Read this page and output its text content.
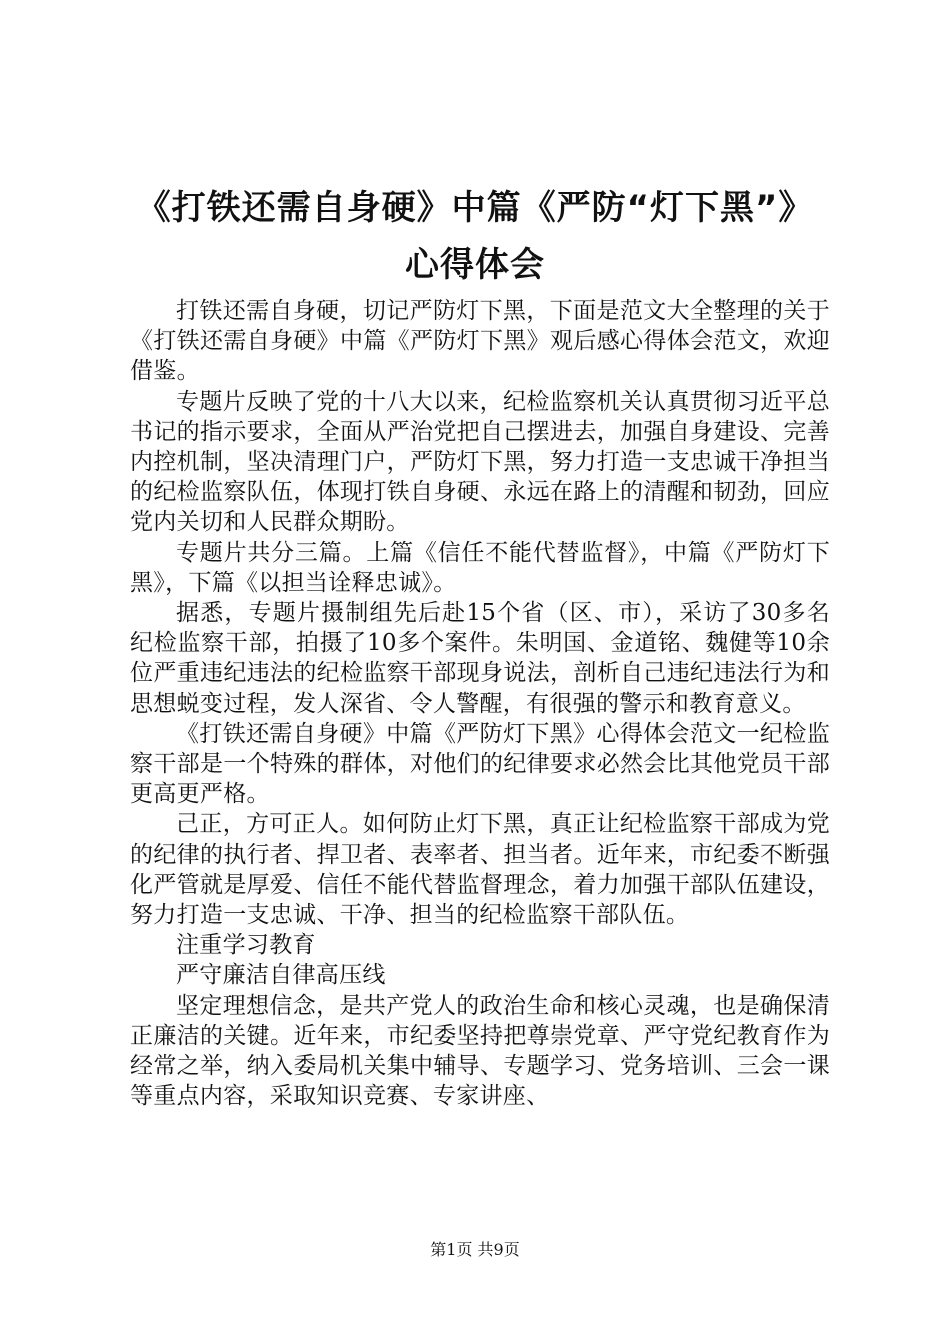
《打铁还需自身硬》中篇《严防“灯下黑”》
心得体会

打铁还需自身硬，切记严防灯下黑，下面是范文大全整理的关于《打铁还需自身硬》中篇《严防灯下黑》观后感心得体会范文，欢迎借鉴。

专题片反映了党的十八大以来，纪检监察机关认真贯彻习近平总书记的指示要求，全面从严治党把自己摆进去，加强自身建设、完善内控机制，坚决清理门户，严防灯下黑，努力打造一支忠诚干净担当的纪检监察队伍，体现打铁自身硬、永远在路上的清醒和韧劲，回应党内关切和人民群众期盼。

专题片共分三篇。上篇《信任不能代替监督》，中篇《严防灯下黑》，下篇《以担当诠释忠诚》。

据悉，专题片摄制组先后赴15个省（区、市），采访了30多名纪检监察干部，拍摄了10多个案件。朱明国、金道铭、魏健等10余位严重违纪违法的纪检监察干部现身说法，剖析自己违纪违法行为和思想蜕变过程，发人深省、令人警醒，有很强的警示和教育意义。

《打铁还需自身硬》中篇《严防灯下黑》心得体会范文一纪检监察干部是一个特殊的群体，对他们的纪律要求必然会比其他党员干部更高更严格。

己正，方可正人。如何防止灯下黑，真正让纪检监察干部成为党的纪律的执行者、捍卫者、表率者、担当者。近年来，市纪委不断强化严管就是厚爱、信任不能代替监督理念，着力加强干部队伍建设，努力打造一支忠诚、干净、担当的纪检监察干部队伍。

注重学习教育

严守廉洁自律高压线

坚定理想信念，是共产党人的政治生命和核心灵魂，也是确保清正廉洁的关键。近年来，市纪委坚持把尊崇党章、严守党纪教育作为经常之举，纳入委局机关集中辅导、专题学习、党务培训、三会一课等重点内容，采取知识竞赛、专家讲座、

第1页 共9页
